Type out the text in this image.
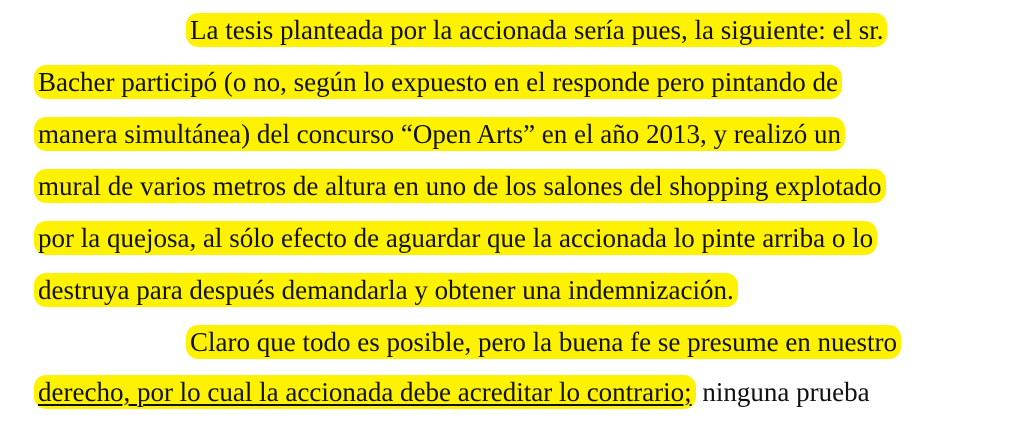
La tesis planteada por la accionada sería pues, la siguiente: el sr.
Bacher participó (o no, según lo expuesto en el responde pero pintando de
manera simultánea) del concurso “Open Arts” en el año 2013, y realizó un
mural de varios metros de altura en uno de los salones del shopping explotado
por la quejosa, al sólo efecto de aguardar que la accionada lo pinte arriba o lo
destruya para después demandarla y obtener una indemnización.
Claro que todo es posible, pero la buena fe se presume en nuestro
derecho, por lo cual la accionada debe acreditar lo contrario; ninguna prueba
